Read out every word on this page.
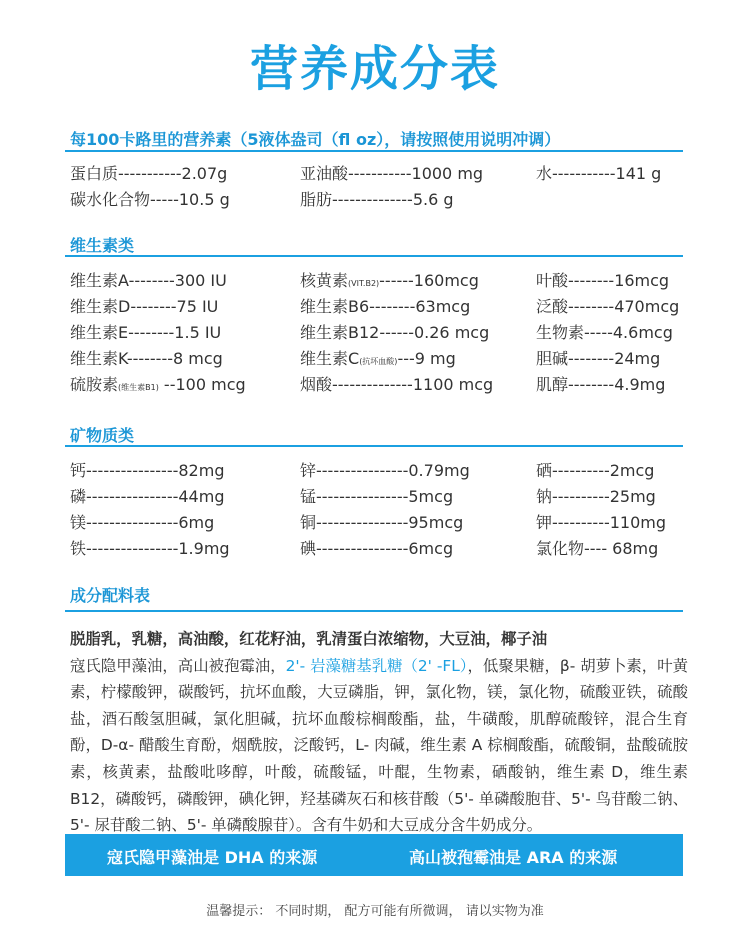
营养成分表
每100卡路里的营养素（5液体盎司（fl oz），请按照使用说明冲调）
蛋白质-----------2.07g	亚油酸-----------1000 mg	水-----------141 g
碳水化合物-----10.5 g	脂肪--------------5.6 g
维生素类
维生素A--------300 IU	核黄素(VIT.B2)------160mcg	叶酸--------16mcg
维生素D--------75 IU	维生素B6--------63mcg	泛酸--------470mcg
维生素E--------1.5 IU	维生素B12------0.26 mcg	生物素-----4.6mcg
维生素K--------8 mcg	维生素C(抗坏血酸)---9 mg	胆碱--------24mg
硫胺素(维生素B1) --100 mcg	烟酸--------------1100 mcg	肌醇--------4.9mg
矿物质类
钙----------------82mg	锌----------------0.79mg	硒----------2mcg
磷----------------44mg	锰----------------5mcg	钠----------25mg
镁----------------6mg	铜----------------95mcg	钾----------110mg
铁----------------1.9mg	碘----------------6mcg	氯化物---- 68mg
成分配料表
脱脂乳，乳糖，高油酸，红花籽油，乳清蛋白浓缩物，大豆油，椰子油
寇氏隐甲藻油，高山被孢霉油，2'- 岩藻糖基乳糖（2' -FL），低聚果糖，β- 胡萝卜素，叶黄素，柠檬酸钾，碳酸钙，抗坏血酸，大豆磷脂，钾，氯化物，镁，氯化物，硫酸亚铁，硫酸盐，酒石酸氢胆碱，氯化胆碱，抗坏血酸棕榈酸酯，盐，牛磺酸，肌醇硫酸锌，混合生育酚，D-α- 醋酸生育酚，烟酰胺，泛酸钙，L- 肉碱，维生素 A 棕榈酸酯，硫酸铜，盐酸硫胺素，核黄素，盐酸吡哆醇，叶酸，硫酸锰，叶醌，生物素，硒酸钠，维生素 D，维生素 B12，磷酸钙，磷酸钾，碘化钾，羟基磷灰石和核苷酸（5'- 单磷酸胞苷、5'- 鸟苷酸二钠、5'- 尿苷酸二钠、5'- 单磷酸腺苷）。含有牛奶和大豆成分含牛奶成分。
寇氏隐甲藻油是 DHA 的来源	高山被孢霉油是 ARA 的来源
温馨提示： 不同时期， 配方可能有所微调， 请以实物为准
